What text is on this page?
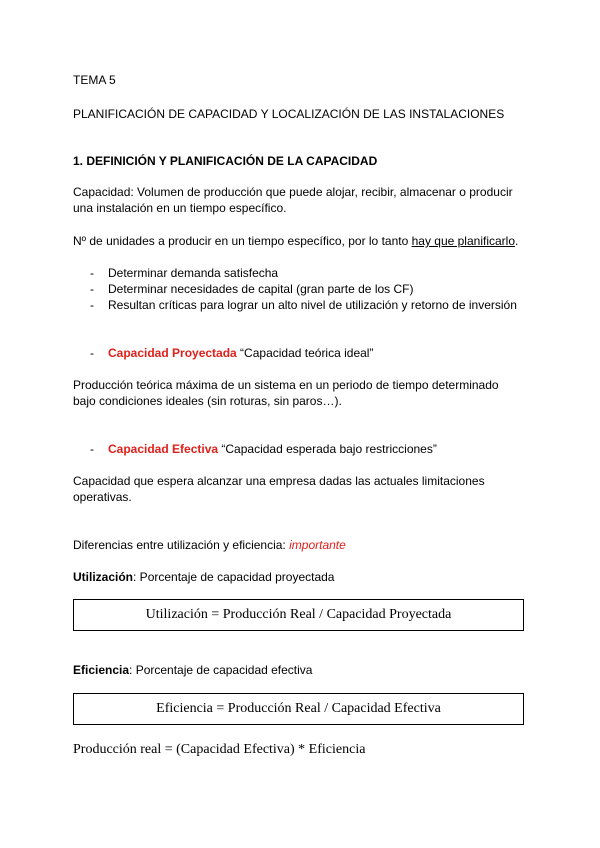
TEMA 5

PLANIFICACIÓN DE CAPACIDAD Y LOCALIZACIÓN DE LAS INSTALACIONES

1. DEFINICIÓN Y PLANIFICACIÓN DE LA CAPACIDAD

Capacidad: Volumen de producción que puede alojar, recibir, almacenar o producir

una instalación en un tiempo específico.

Nº de unidades a producir en un tiempo específico, por lo tanto hay que planificarlo.

- Determinar demanda satisfecha
- Determinar necesidades de capital (gran parte de los CF)
- Resultan críticas para lograr un alto nivel de utilización y retorno de inversión
- Capacidad Proyectada “Capacidad teórica ideal”

Producción teórica máxima de un sistema en un periodo de tiempo determinado

bajo condiciones ideales (sin roturas, sin paros…).

- Capacidad Efectiva “Capacidad esperada bajo restricciones”

Capacidad que espera alcanzar una empresa dadas las actuales limitaciones

operativas.

Diferencias entre utilización y eficiencia: importante

Utilización: Porcentaje de capacidad proyectada

Utilización = Producción Real / Capacidad Proyectada

Eficiencia: Porcentaje de capacidad efectiva

Eficiencia = Producción Real / Capacidad Efectiva

Producción real = (Capacidad Efectiva) * Eficiencia
